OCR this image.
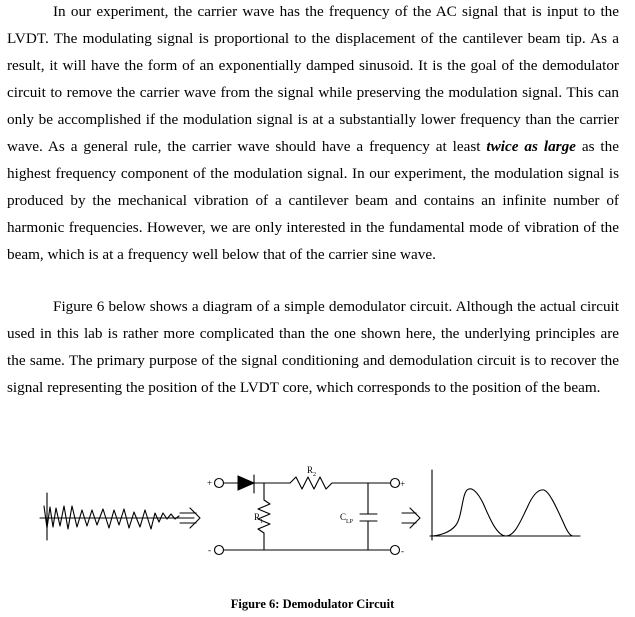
In our experiment, the carrier wave has the frequency of the AC signal that is input to the LVDT. The modulating signal is proportional to the displacement of the cantilever beam tip. As a result, it will have the form of an exponentially damped sinusoid. It is the goal of the demodulator circuit to remove the carrier wave from the signal while preserving the modulation signal. This can only be accomplished if the modulation signal is at a substantially lower frequency than the carrier wave. As a general rule, the carrier wave should have a frequency at least twice as large as the highest frequency component of the modulation signal. In our experiment, the modulation signal is produced by the mechanical vibration of a cantilever beam and contains an infinite number of harmonic frequencies. However, we are only interested in the fundamental mode of vibration of the beam, which is at a frequency well below that of the carrier sine wave.

Figure 6 below shows a diagram of a simple demodulator circuit. Although the actual circuit used in this lab is rather more complicated than the one shown here, the underlying principles are the same. The primary purpose of the signal conditioning and demodulation circuit is to recover the signal representing the position of the LVDT core, which corresponds to the position of the beam.

+
-
+
-
R 2
R 1	C LP
Figure 6: Demodulator Circuit
